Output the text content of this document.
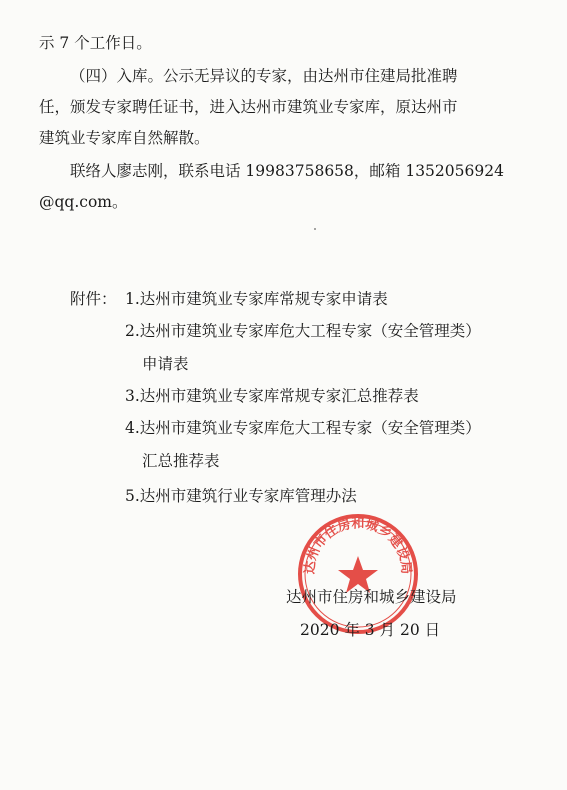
示 7 个工作日。
（四）入库。公示无异议的专家，由达州市住建局批准聘
任，颁发专家聘任证书，进入达州市建筑业专家库，原达州市
建筑业专家库自然解散。
联络人廖志刚，联系电话 19983758658，邮箱 1352056924
@qq.com。
附件： 1.达州市建筑业专家库常规专家申请表
2.达州市建筑业专家库危大工程专家（安全管理类）
申请表
3.达州市建筑业专家库常规专家汇总推荐表
4.达州市建筑业专家库危大工程专家（安全管理类）
汇总推荐表
5.达州市建筑行业专家库管理办法
达州市住房和城乡建设局
达州市住房和城乡建设局
2020 年 3 月 20 日
